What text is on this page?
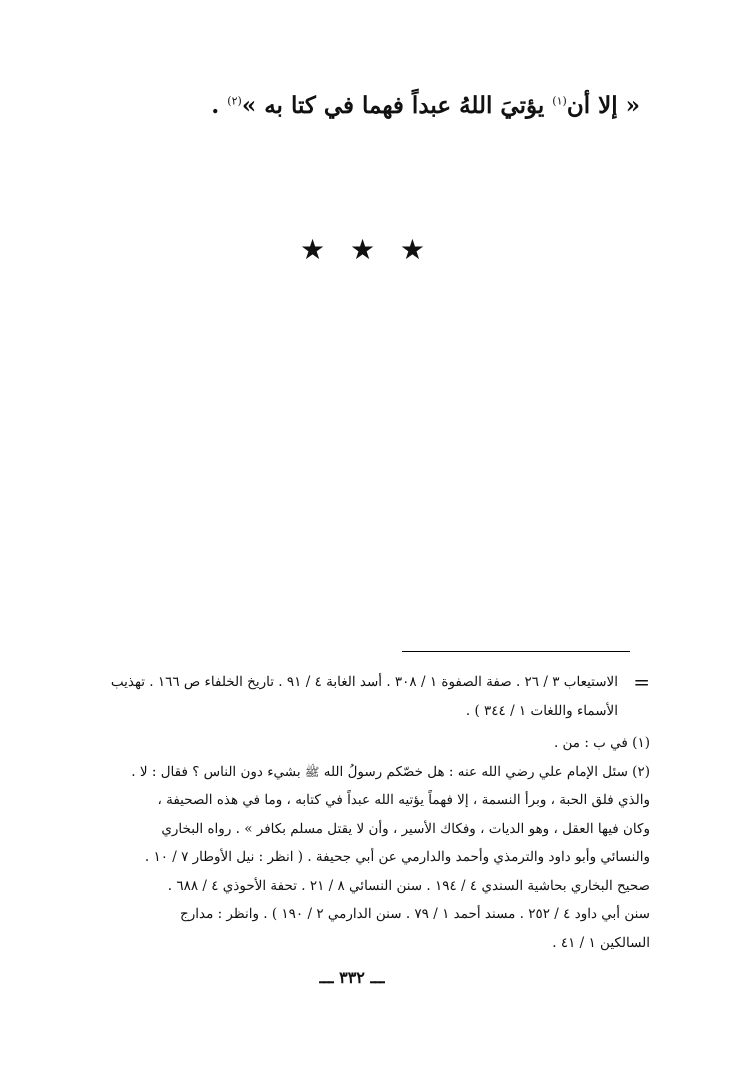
« إلا أن$^{(١)}$ يؤتيَ اللهُ عبداً فهما في كتا به »$^{(٢)}$ .
★ ★ ★
=
الاستيعاب ٣ / ٢٦ . صفة الصفوة ١ / ٣٠٨ . أسد الغابة ٤ / ٩١ . تاريخ الخلفاء ص ١٦٦ . تهذيب
الأسماء واللغات ١ / ٣٤٤ ) .
(١) في ب : من .
(٢) سئل الإمام علي رضي الله عنه : هل خصّكم رسولُ الله ﷺ بشيء دون الناس ؟ فقال : لا .
والذي فلق الحبة ، وبرأ النسمة ، إلا فهماً يؤتيه الله عبداً في كتابه ، وما في هذه الصحيفة ،
وكان فيها العقل ، وهو الديات ، وفكاك الأسير ، وأن لا يقتل مسلم بكافر » . رواه البخاري
والنسائي وأبو داود والترمذي وأحمد والدارمي عن أبي جحيفة . ( انظر : نيل الأوطار ٧ / ١٠ .
صحيح البخاري بحاشية السندي ٤ / ١٩٤ . سنن النسائي ٨ / ٢١ . تحفة الأحوذي ٤ / ٦٨٨ .
سنن أبي داود ٤ / ٢٥٢ . مسند أحمد ١ / ٧٩ . سنن الدارمي ٢ / ١٩٠ ) . وانظر : مدارج
السالكين ١ / ٤١ .
ـــ ٣٣٢ ـــ
